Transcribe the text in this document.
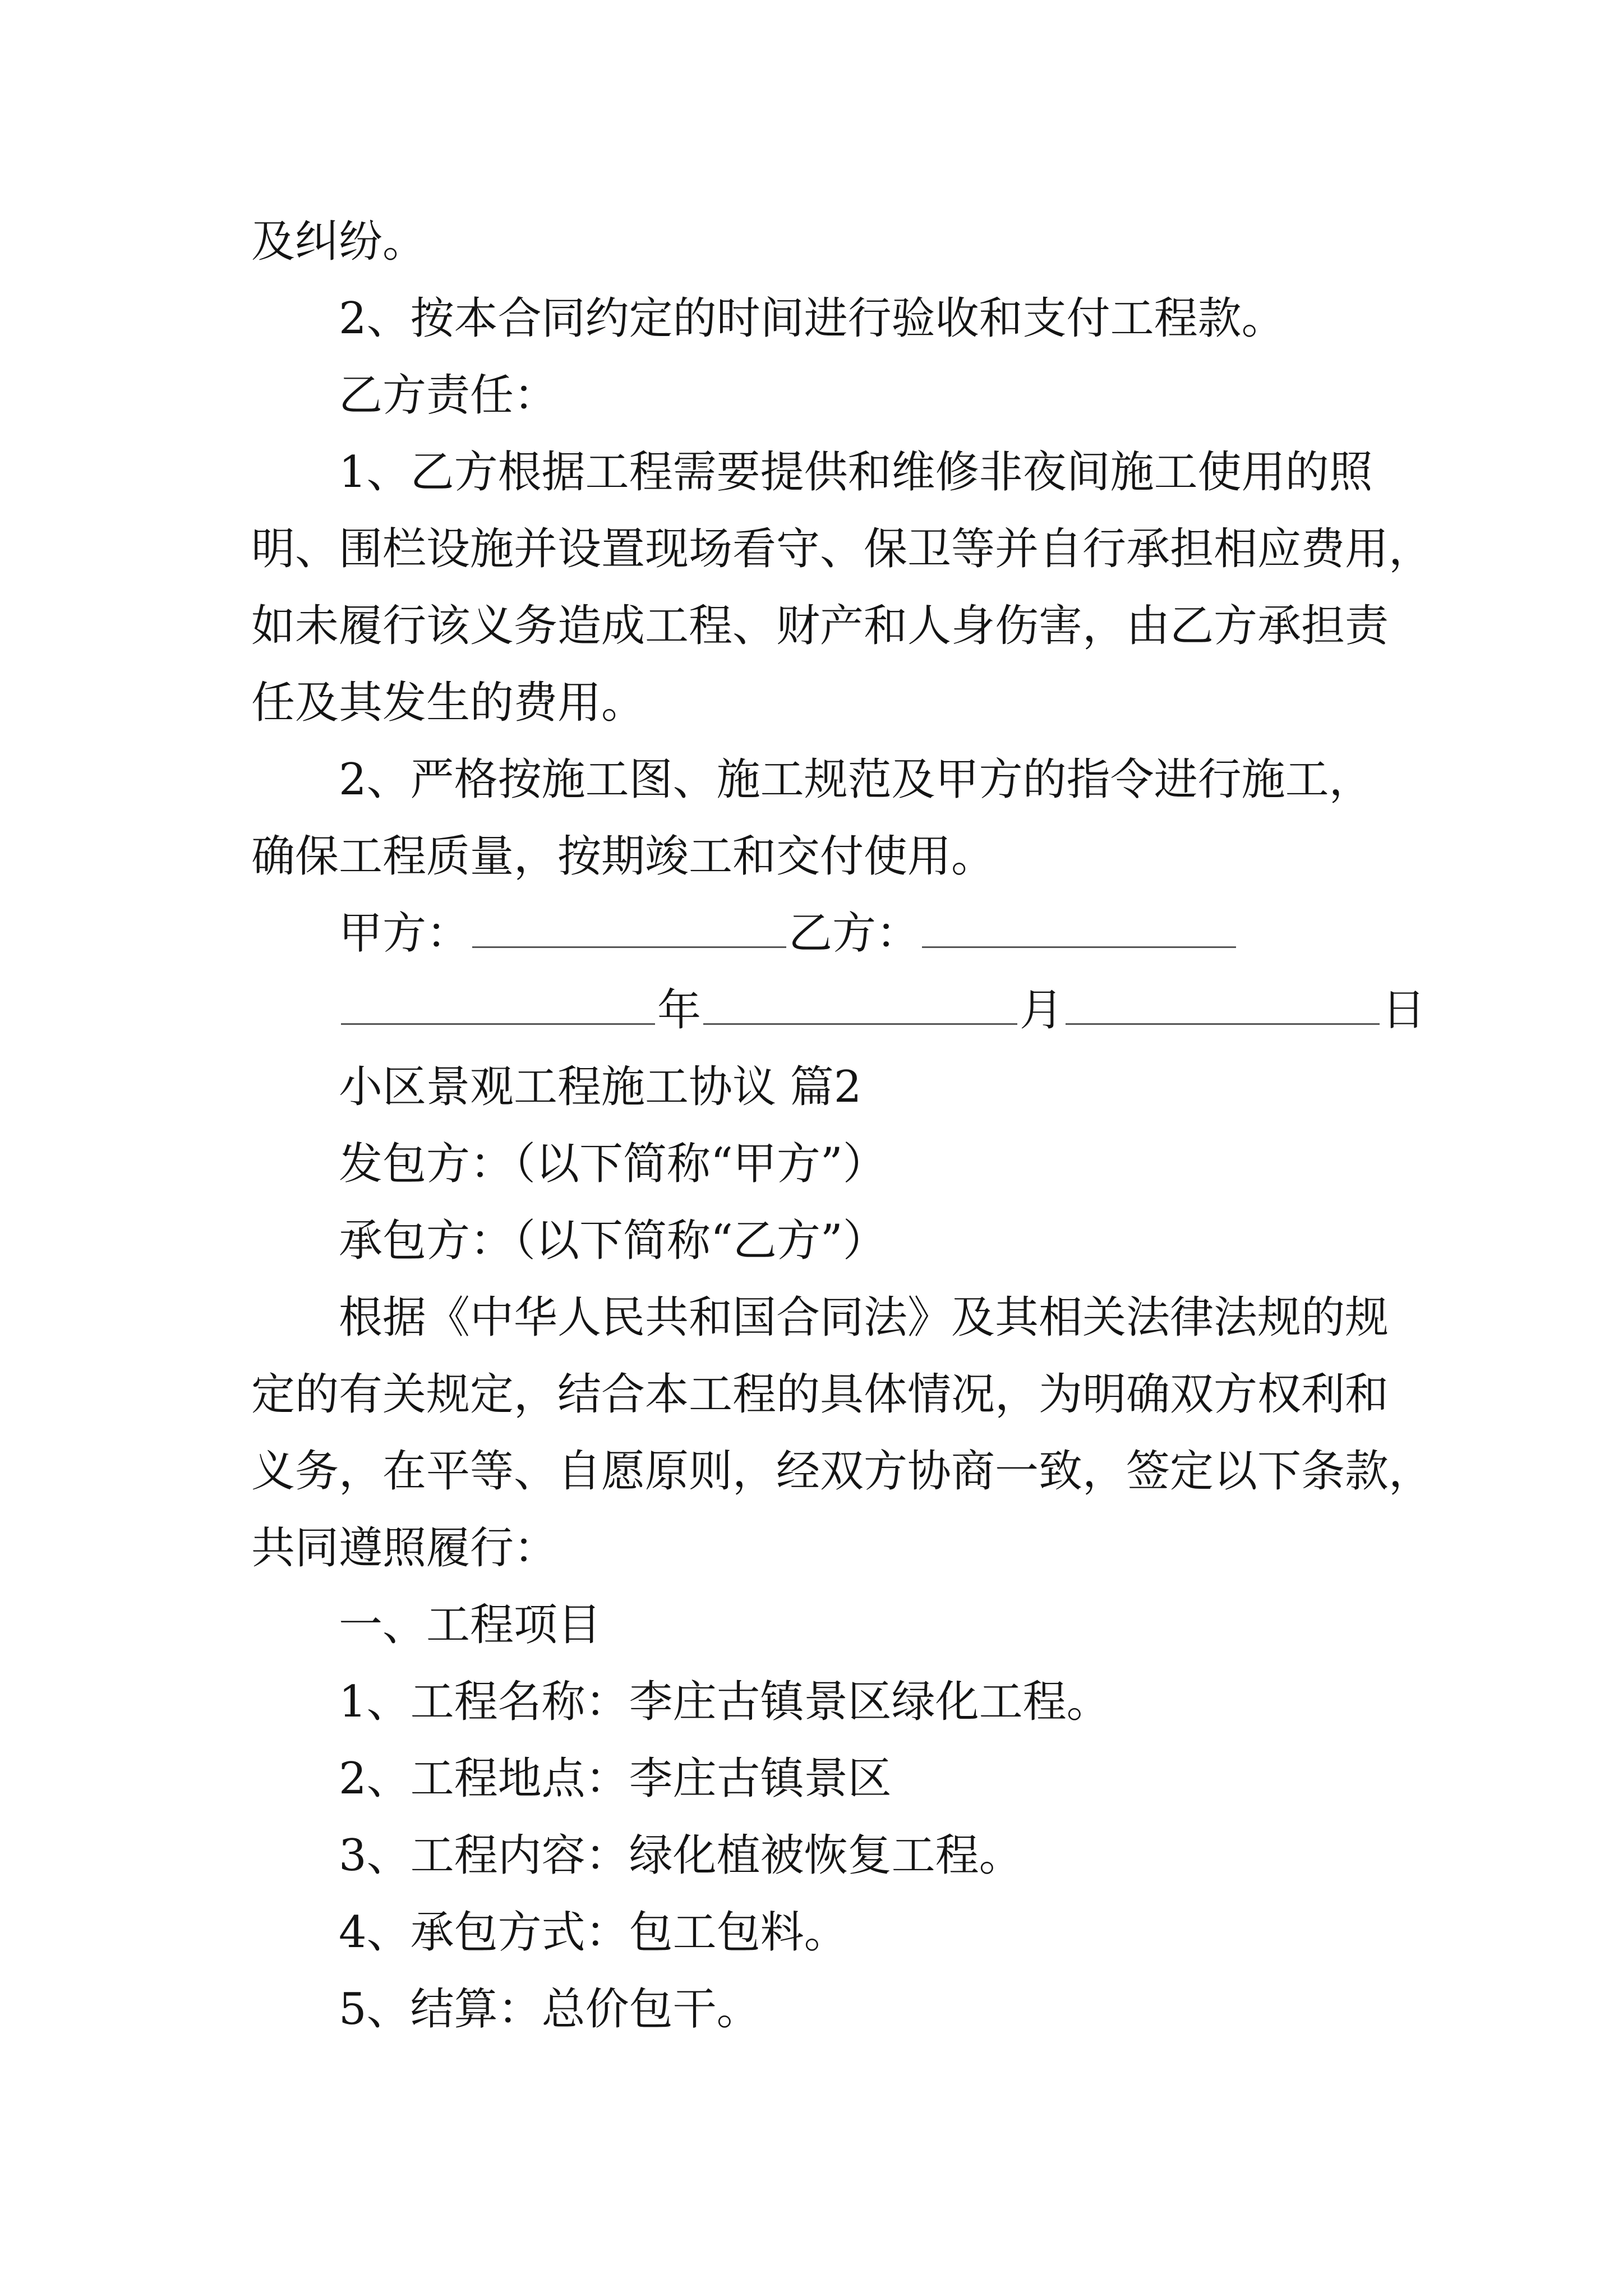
及纠纷。
2、按本合同约定的时间进行验收和支付工程款。
乙方责任：
1、乙方根据工程需要提供和维修非夜间施工使用的照
明、围栏设施并设置现场看守、保卫等并自行承担相应费用，
如未履行该义务造成工程、财产和人身伤害，由乙方承担责
任及其发生的费用。
2、严格按施工图、施工规范及甲方的指令进行施工，
确保工程质量，按期竣工和交付使用。
甲方：	乙方：
年	月	日
小区景观工程施工协议 篇2
发包方：（以下简称“甲方”）
承包方：（以下简称“乙方”）
根据《中华人民共和国合同法》及其相关法律法规的规
定的有关规定，结合本工程的具体情况，为明确双方权利和
义务，在平等、自愿原则，经双方协商一致，签定以下条款，
共同遵照履行：
一、工程项目
1、工程名称：李庄古镇景区绿化工程。
2、工程地点：李庄古镇景区
3、工程内容：绿化植被恢复工程。
4、承包方式：包工包料。
5、结算：总价包干。
